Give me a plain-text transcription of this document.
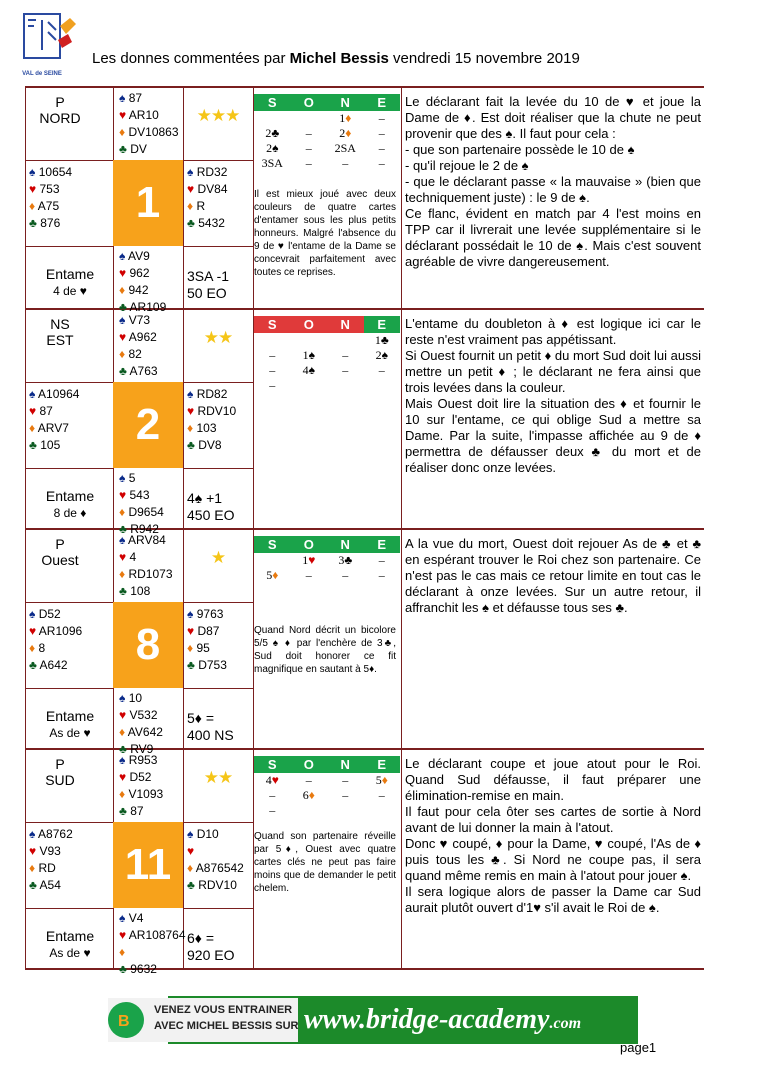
VAL de SEINE
Les donnes commentées par Michel Bessis vendredi 15 novembre 2019
P
NORD
♠ 87
♥ AR10
♦ DV10863
♣ DV
★★★
♠ 10654
♥ 753
♦ A75
♣ 876	1
♠ RD32
♥ DV84
♦ R
♣ 5432
Entame
4 de ♥
♠ AV9
♥ 962
♦ 942
♣ AR109
3SA -1
50 EO
S	O	N	E
		1♦	–
2♣	–	2♦	–
2♠	–	2SA	–
3SA	–	–	–
Il est mieux joué avec deux couleurs de quatre cartes d'entamer sous les plus petits honneurs. Malgré l'absence du 9 de ♥ l'entame de la Dame se concevrait parfaitement avec toutes ce reprises.
Le déclarant fait la levée du 10 de ♥ et joue la Dame de ♦. Est doit réaliser que la chute ne peut provenir que des ♠. Il faut pour cela :
- que son partenaire possède le 10 de ♠
- qu'il rejoue le 2 de ♠
- que le déclarant passe « la mauvaise » (bien que techniquement juste) : le 9 de ♠.
Ce flanc, évident en match par 4 l'est moins en TPP car il livrerait une levée supplémentaire si le déclarant possédait le 10 de ♠. Mais c'est souvent agréable de vivre dangereusement.
NS
EST
♠ V73
♥ A962
♦ 82
♣ A763
★★
♠ A10964
♥ 87
♦ ARV7
♣ 105	2
♠ RD82
♥ RDV10
♦ 103
♣ DV8
Entame
8 de ♦
♠ 5
♥ 543
♦ D9654
♣ R942
4♠ +1
450 EO
S	O	N	E
			1♣
–	1♠	–	2♠
–	4♠	–	–
–			
L'entame du doubleton à ♦ est logique ici car le reste n'est vraiment pas appétissant.
Si Ouest fournit un petit ♦ du mort Sud doit lui aussi mettre un petit ♦ ; le déclarant ne fera ainsi que trois levées dans la couleur.
Mais Ouest doit lire la situation des ♦ et fournir le 10 sur l'entame, ce qui oblige Sud a mettre sa Dame. Par la suite, l'impasse affichée au 9 de ♦ permettra de défausser deux ♣ du mort et de réaliser donc onze levées.
P
Ouest
♠ ARV84
♥ 4
♦ RD1073
♣ 108
★
♠ D52
♥ AR1096
♦ 8
♣ A642	8
♠ 9763
♥ D87
♦ 95
♣ D753
Entame
As de ♥
♠ 10
♥ V532
♦ AV642
♣ RV9
5♦ =
400 NS
S	O	N	E
	1♥	3♣	–
5♦	–	–	–
Quand Nord décrit un bicolore 5/5 ♠ ♦ par l'enchère de 3♣, Sud doit honorer ce fit magnifique en sautant à 5♦.
A la vue du mort, Ouest doit rejouer As de ♣ et ♣ en espérant trouver le Roi chez son partenaire. Ce n'est pas le cas mais ce retour limite en tout cas le déclarant à onze levées. Sur un autre retour, il affranchit les ♠ et défausse tous ses ♣.
P
SUD
♠ R953
♥ D52
♦ V1093
♣ 87
★★
♠ A8762
♥ V93
♦ RD
♣ A54 11
♠ D10
♥
♦ A876542
♣ RDV10
Entame
As de ♥
♠ V4
♥ AR108764
♦
♣ 9632
6♦ =
920 EO
S	O	N	E
4♥	–	–	5♦
–	6♦	–	–
–			
Quand son partenaire réveille par 5♦, Ouest avec quatre cartes clés ne peut pas faire moins que de demander le petit chelem.
Le déclarant coupe et joue atout pour le Roi. Quand Sud défausse, il faut préparer une élimination-remise en main.
Il faut pour cela ôter ses cartes de sortie à Nord avant de lui donner la main à l'atout.
Donc ♥ coupé, ♦ pour la Dame, ♥ coupé, l'As de ♦ puis tous les ♣. Si Nord ne coupe pas, il sera quand même remis en main à l'atout pour jouer ♠.
Il sera logique alors de passer la Dame car Sud aurait plutôt ouvert d'1♥ s'il avait le Roi de ♠.
B
VENEZ VOUS ENTRAINER
AVEC MICHEL BESSIS SUR www.bridge-academy.com
page1
